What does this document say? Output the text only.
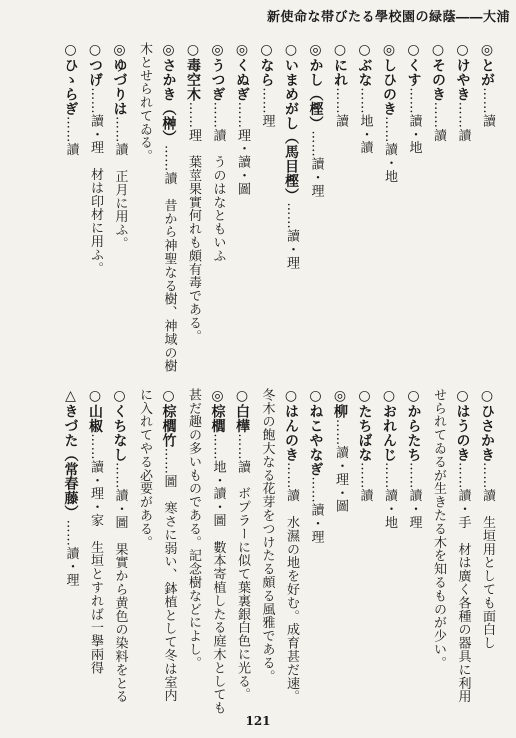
新使命な帯びたる學校園の緑蔭――大浦
◎とが……讀
○けやき……讀
○そのき……讀
○くす……讀・地
◎しひのき……讀・地
○ぶな……地・讀
○にれ……讀
◎かし（樫）……讀・理
○いまめがし（馬目樫）……讀・理
○なら……理
◎くぬぎ……理・讀・圖
◎うつぎ……讀　うのはなともいふ
○毒空木……理　葉莖果實何れも頗有毒である。
◎さかき（榊）……讀　昔から神聖なる樹、神域の樹
木とせられてゐる。
◎ゆづりは……讀　正月に用ふ。
○つげ……讀・理　材は印材に用ふ。
○ひゝらぎ……讀
○ひさかき……讀　生垣用としても面白し
○はうのき……讀・手　材は廣く各種の器具に利用
せられてゐるが生きたる木を知るものが少い。
○からたち……讀・理
○おれんじ……讀・地
○たちばな……讀
◎柳……讀・理・圖
○ねこやなぎ……讀・理
○はんのき……讀　水濕の地を好む。成育甚だ速。
冬木の飽大なる花芽をつけたる頗る風雅である。
○白樺……讀　ボプラーに似て葉裏銀白色に光る。
◎棕櫚……地・讀・圖　數本寄植したる庭木としても
甚だ趣の多いものである。記念樹などによし。
○棕櫚竹……圖　寒さに弱い、鉢植として冬は室内
に入れてやる必要がある。
○くちなし……讀・圖　果實から黄色の染料をとる
○山椒……讀・理・家　生垣とすれば一擧兩得
△きづた（常春藤）……讀・理
121
